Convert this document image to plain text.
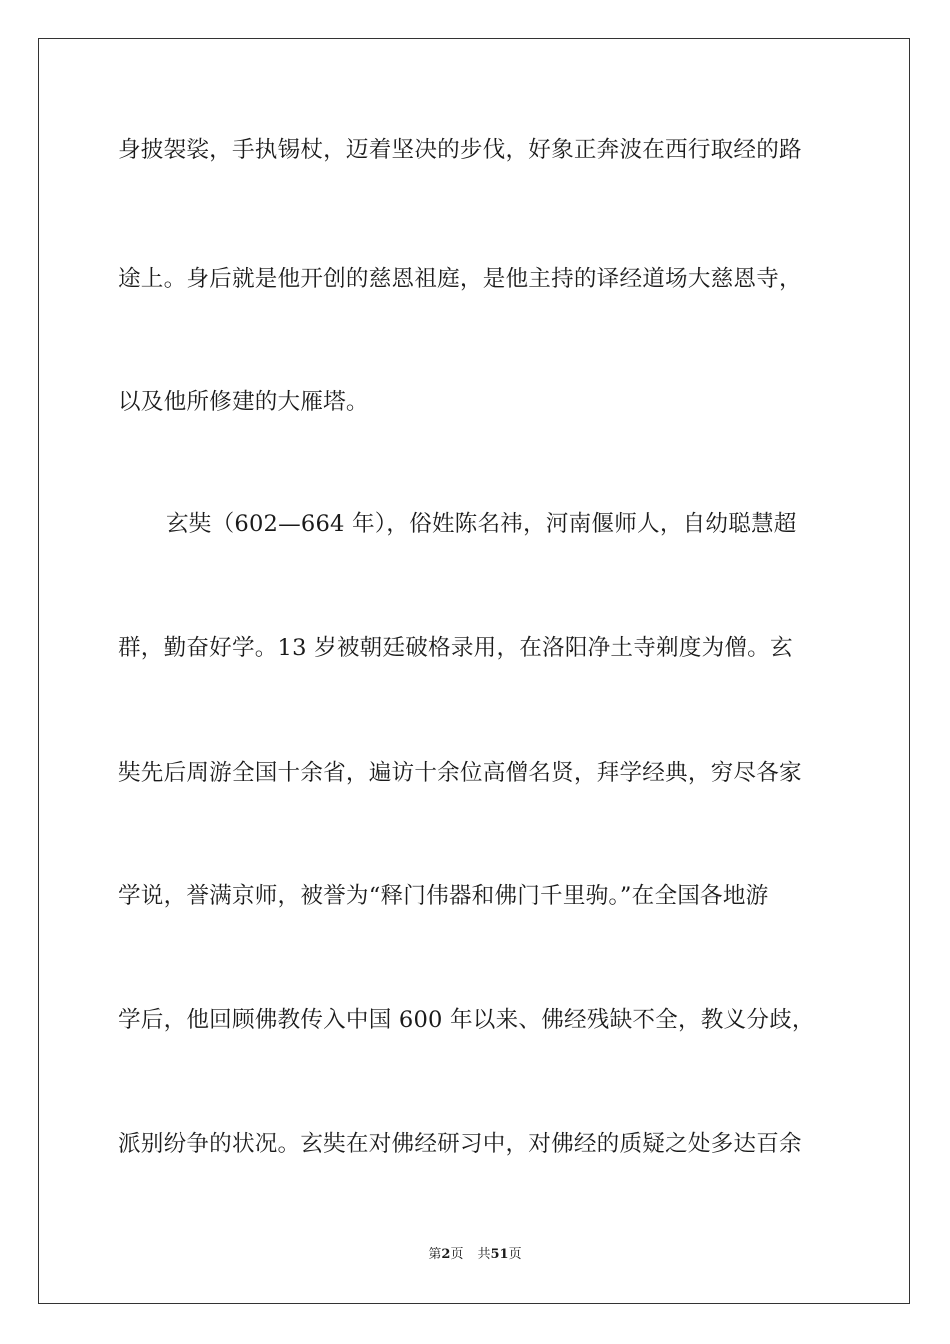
身披袈裟，手执锡杖，迈着坚决的步伐，好象正奔波在西行取经的路
途上。身后就是他开创的慈恩祖庭，是他主持的译经道场大慈恩寺，
以及他所修建的大雁塔。
玄奘（602—664 年），俗姓陈名祎，河南偃师人，自幼聪慧超
群，勤奋好学。13 岁被朝廷破格录用，在洛阳净土寺剃度为僧。玄
奘先后周游全国十余省，遍访十余位高僧名贤，拜学经典，穷尽各家
学说，誉满京师，被誉为“释门伟器和佛门千里驹。”在全国各地游
学后，他回顾佛教传入中国 600 年以来、佛经残缺不全，教义分歧，
派别纷争的状况。玄奘在对佛经研习中，对佛经的质疑之处多达百余
第2页 共51页
